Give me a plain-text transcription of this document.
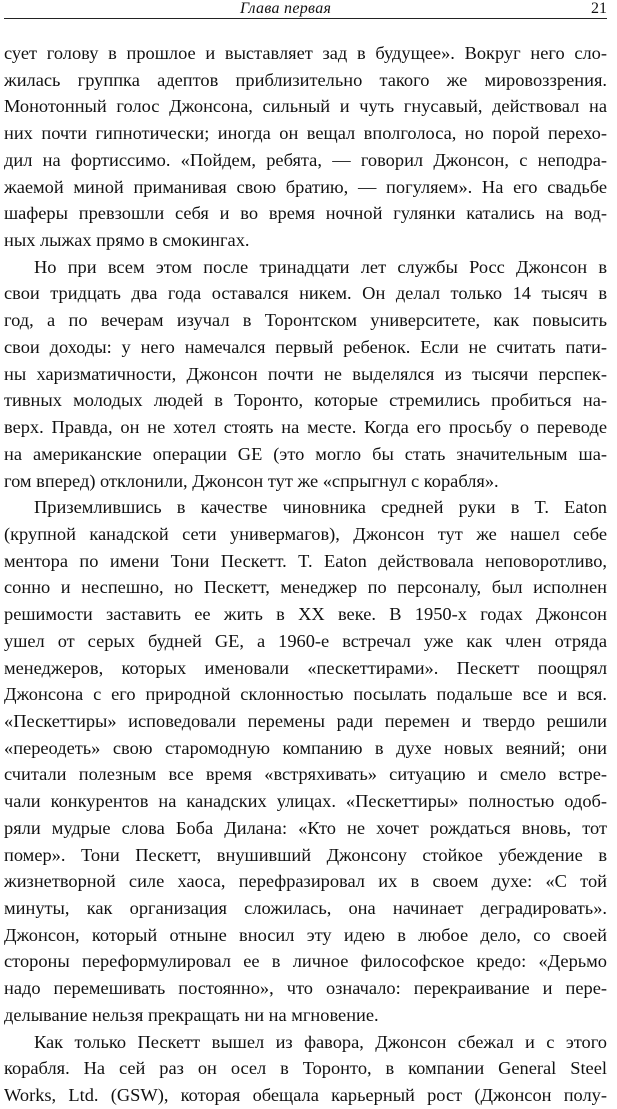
Глава первая	21
сует голову в прошлое и выставляет зад в будущее». Вокруг него сло-
жилась группка адептов приблизительно такого же мировоззрения.
Монотонный голос Джонсона, сильный и чуть гнусавый, действовал на
них почти гипнотически; иногда он вещал вполголоса, но порой перехо-
дил на фортиссимо. «Пойдем, ребята, — говорил Джонсон, с неподра-
жаемой миной приманивая свою братию, — погуляем». На его свадьбе
шаферы превзошли себя и во время ночной гулянки катались на вод-
ных лыжах прямо в смокингах.
Но при всем этом после тринадцати лет службы Росс Джонсон в
свои тридцать два года оставался никем. Он делал только 14 тысяч в
год, а по вечерам изучал в Торонтском университете, как повысить
свои доходы: у него намечался первый ребенок. Если не считать пати-
ны харизматичности, Джонсон почти не выделялся из тысячи перспек-
тивных молодых людей в Торонто, которые стремились пробиться на-
верх. Правда, он не хотел стоять на месте. Когда его просьбу о переводе
на американские операции GE (это могло бы стать значительным ша-
гом вперед) отклонили, Джонсон тут же «спрыгнул с корабля».
Приземлившись в качестве чиновника средней руки в T. Eaton
(крупной канадской сети универмагов), Джонсон тут же нашел себе
ментора по имени Тони Пескетт. T. Eaton действовала неповоротливо,
сонно и неспешно, но Пескетт, менеджер по персоналу, был исполнен
решимости заставить ее жить в XX веке. В 1950-х годах Джонсон
ушел от серых будней GE, а 1960-е встречал уже как член отряда
менеджеров, которых именовали «пескеттирами». Пескетт поощрял
Джонсона с его природной склонностью посылать подальше все и вся.
«Пескеттиры» исповедовали перемены ради перемен и твердо решили
«переодеть» свою старомодную компанию в духе новых веяний; они
считали полезным все время «встряхивать» ситуацию и смело встре-
чали конкурентов на канадских улицах. «Пескеттиры» полностью одоб-
ряли мудрые слова Боба Дилана: «Кто не хочет рождаться вновь, тот
помер». Тони Пескетт, внушивший Джонсону стойкое убеждение в
жизнетворной силе хаоса, перефразировал их в своем духе: «С той
минуты, как организация сложилась, она начинает деградировать».
Джонсон, который отныне вносил эту идею в любое дело, со своей
стороны переформулировал ее в личное философское кредо: «Дерьмо
надо перемешивать постоянно», что означало: перекраивание и пере-
делывание нельзя прекращать ни на мгновение.
Как только Пескетт вышел из фавора, Джонсон сбежал и с этого
корабля. На сей раз он осел в Торонто, в компании General Steel
Works, Ltd. (GSW), которая обещала карьерный рост (Джонсон полу-
